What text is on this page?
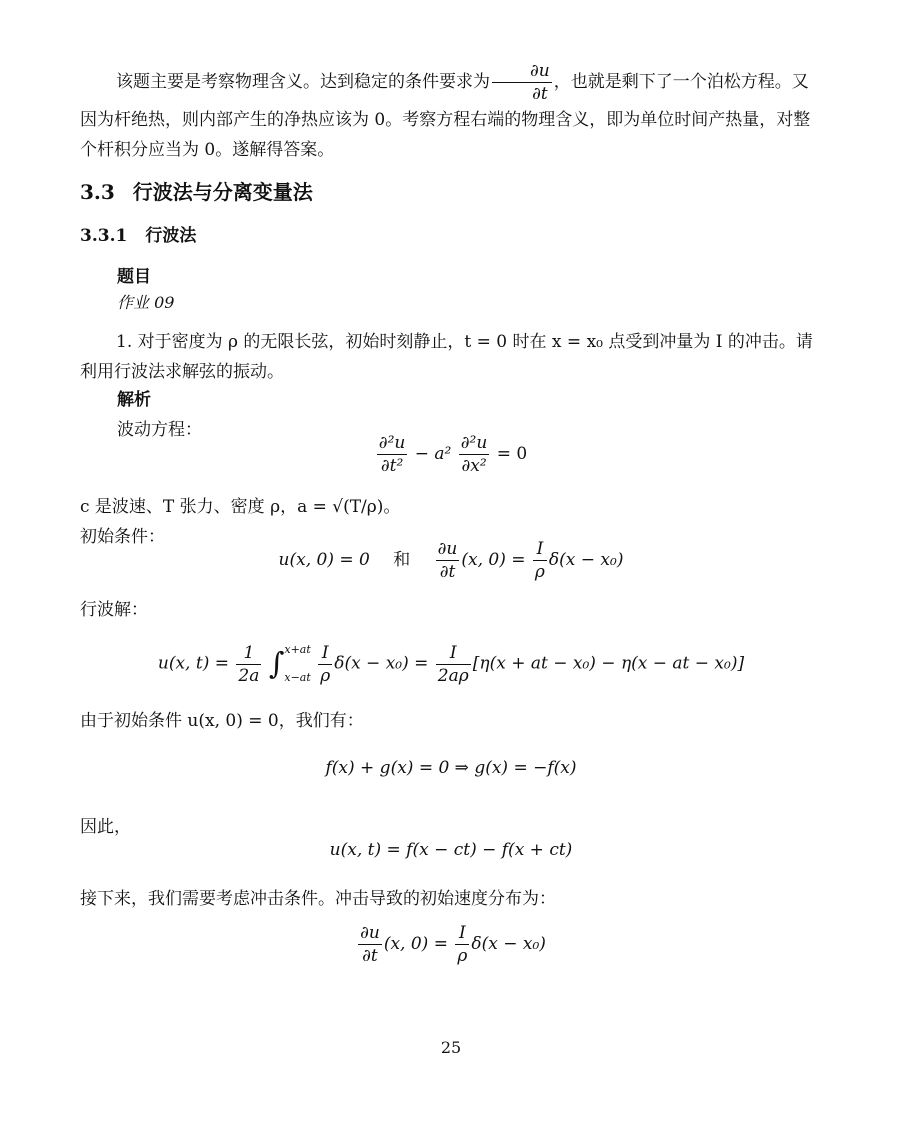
该题主要是考察物理含义。达到稳定的条件要求为 $\frac{\partial u}{\partial t}$ ，也就是剩下了一个泊松方程。又因为杆绝热，则内部产生的净热应该为 0。考察方程右端的物理含义，即为单位时间产热量，对整个杆积分应当为 0。遂解得答案。

3.3 行波法与分离变量法
3.3.1 行波法
题目
作业 09

1. 对于密度为 ρ 的无限长弦，初始时刻静止，t = 0 时在 x = x₀ 点受到冲量为 I 的冲击。请利用行波法求解弦的振动。

解析
波动方程：
$\frac{\text{∂²u}}{\text{∂t²}} - a^2 \frac{\text{∂²u}}{\text{∂x²}} = 0$
c 是波速、T 张力、密度 ρ，a = √(T/ρ)。
初始条件：
u(x, 0) = 0 和 $\frac{\partial u}{\partial t} (x$, $0) = \frac{I}{\rho} \delta(x - x_0)$
行波解：
u(x, $t) = \frac{1}{2a}$ ∫ x+at
x−at
$\frac{I}{\rho} \delta(x - x_0) = \frac{I}{2a\rho} [\eta(x$ + at − x₀) − η(x − at − x₀)]
由于初始条件 u(x, 0) = 0，我们有：
f(x) + g(x) = 0 ⇒ g(x) = −f(x)
因此，
u(x, t) = f(x − ct) − f(x + ct)
接下来，我们需要考虑冲击条件。冲击导致的初始速度分布为：
$\frac{\partial u}{\partial t} (x$, $0) = \frac{I}{\rho} \delta(x - x_0)$
25
